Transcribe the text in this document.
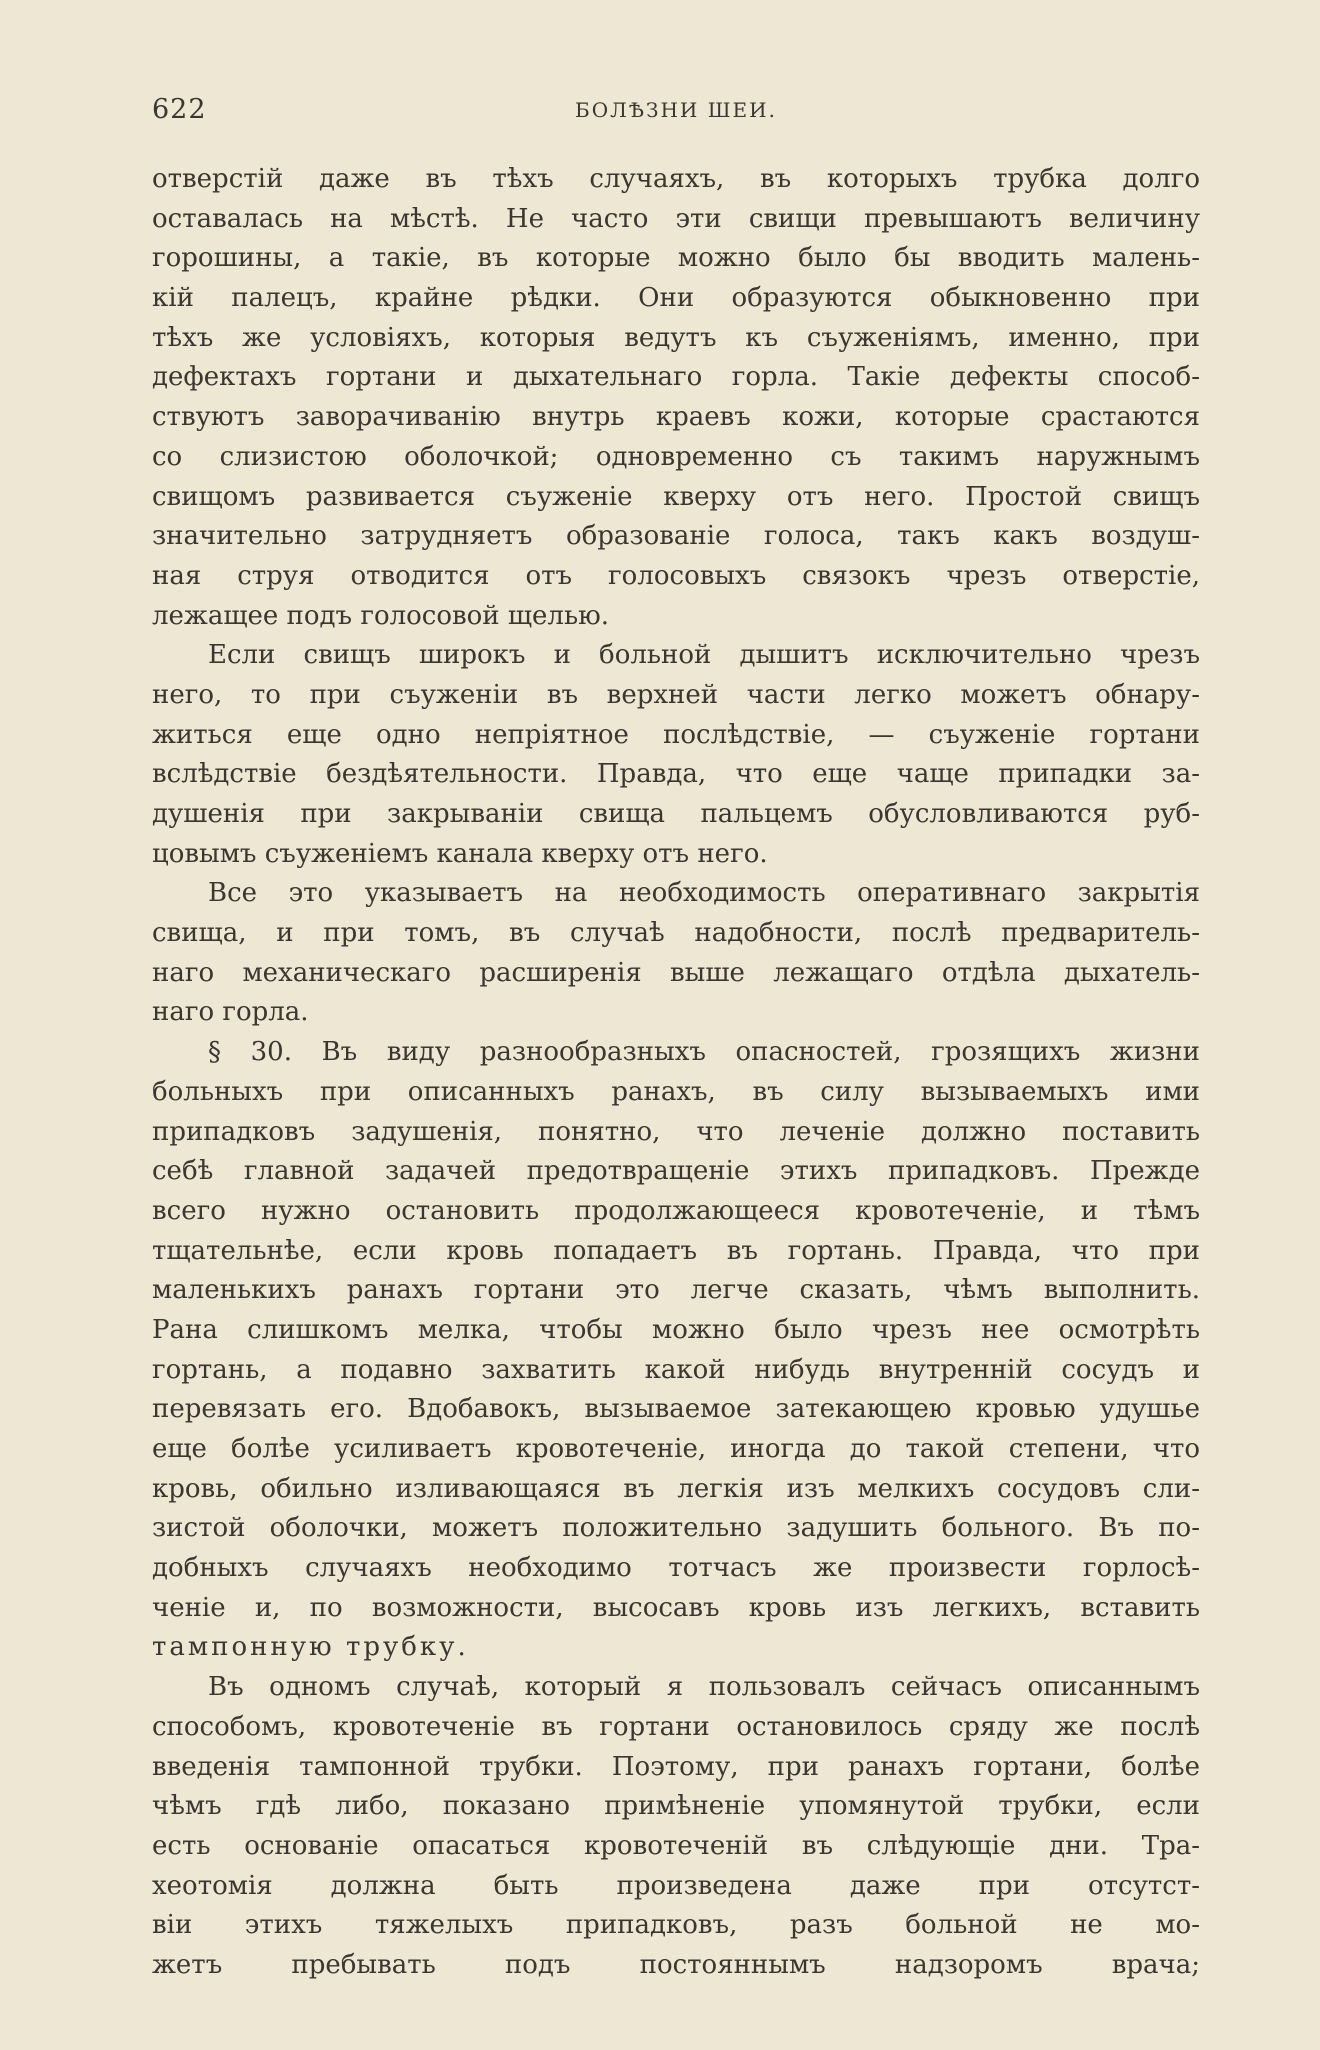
622	БОЛѢЗНИ ШЕИ.

отверстій даже въ тѣхъ случаяхъ, въ которыхъ трубка долго

оставалась на мѣстѣ. Не часто эти свищи превышаютъ величину

горошины, а такіе, въ которые можно было бы вводить малень-

кій палецъ, крайне рѣдки. Они образуются обыкновенно при

тѣхъ же условіяхъ, которыя ведутъ къ съуженіямъ, именно, при

дефектахъ гортани и дыхательнаго горла. Такіе дефекты способ-

ствуютъ заворачиванію внутрь краевъ кожи, которые срастаются

со слизистою оболочкой; одновременно съ такимъ наружнымъ

свищомъ развивается съуженіе кверху отъ него. Простой свищъ

значительно затрудняетъ образованіе голоса, такъ какъ воздуш-

ная струя отводится отъ голосовыхъ связокъ чрезъ отверстіе,

лежащее подъ голосовой щелью.

Если свищъ широкъ и больной дышитъ исключительно чрезъ

него, то при съуженіи въ верхней части легко можетъ обнару-

житься еще одно непріятное послѣдствіе, — съуженіе гортани

вслѣдствіе бездѣятельности. Правда, что еще чаще припадки за-

душенія при закрываніи свища пальцемъ обусловливаются руб-

цовымъ съуженіемъ канала кверху отъ него.

Все это указываетъ на необходимость оперативнаго закрытія

свища, и при томъ, въ случаѣ надобности, послѣ предваритель-

наго механическаго расширенія выше лежащаго отдѣла дыхатель-

наго горла.

§ 30. Въ виду разнообразныхъ опасностей, грозящихъ жизни

больныхъ при описанныхъ ранахъ, въ силу вызываемыхъ ими

припадковъ задушенія, понятно, что леченіе должно поставить

себѣ главной задачей предотвращеніе этихъ припадковъ. Прежде

всего нужно остановить продолжающееся кровотеченіе, и тѣмъ

тщательнѣе, если кровь попадаетъ въ гортань. Правда, что при

маленькихъ ранахъ гортани это легче сказать, чѣмъ выполнить.

Рана слишкомъ мелка, чтобы можно было чрезъ нее осмотрѣть

гортань, а подавно захватить какой нибудь внутренній сосудъ и

перевязать его. Вдобавокъ, вызываемое затекающею кровью удушье

еще болѣе усиливаетъ кровотеченіе, иногда до такой степени, что

кровь, обильно изливающаяся въ легкія изъ мелкихъ сосудовъ сли-

зистой оболочки, можетъ положительно задушить больного. Въ по-

добныхъ случаяхъ необходимо тотчасъ же произвести горлосѣ-

ченіе и, по возможности, высосавъ кровь изъ легкихъ, вставить

тампонную трубку.

Въ одномъ случаѣ, который я пользовалъ сейчасъ описаннымъ

способомъ, кровотеченіе въ гортани остановилось сряду же послѣ

введенія тампонной трубки. Поэтому, при ранахъ гортани, болѣе

чѣмъ гдѣ либо, показано примѣненіе упомянутой трубки, если

есть основаніе опасаться кровотеченій въ слѣдующіе дни. Тра-

хеотомія должна быть произведена даже при отсутст-

віи этихъ тяжелыхъ припадковъ, разъ больной не мо-

жетъ пребывать подъ постояннымъ надзоромъ врача;
